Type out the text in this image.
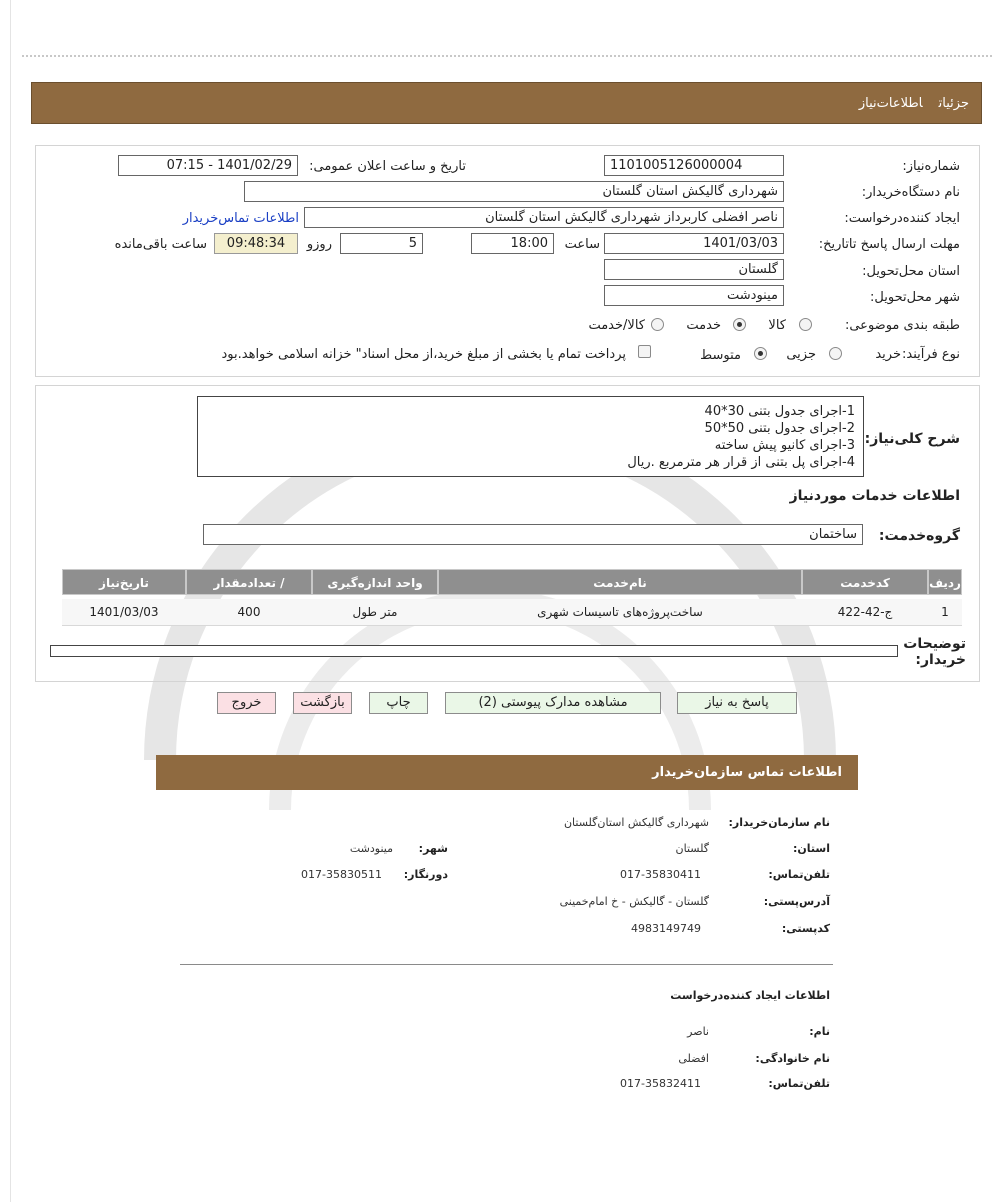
جزئیاتاطلاعات‌نیاز
شماره‌نیاز:
1101005126000004
تاریخ و ساعت اعلان عمومی:
1401/02/29 - 07:15
نام دستگاه‌خریدار:
شهرداری گالیکش استان گلستان
ایجاد کننده‌درخواست:
ناصر افضلی کاربرداز شهرداری گالیکش استان گلستان
اطلاعات تماس‌خریدار
مهلت ارسال پاسخ تا‌تاریخ:
1401/03/03
ساعت
18:00
5
روزو
09:48:34
ساعت باقی‌مانده
استان محل‌تحویل:
گلستان
شهر محل‌تحویل:
مینودشت
طبقه بندی موضوعی:
کالا
خدمت
کالا/خدمت
نوع فرآیند:
خرید
جزیی
متوسط
پرداخت تمام یا بخشی از مبلغ خرید،از محل اسناد" خزانه اسلامی خواهد.بود
شرح کلی‌نیاز:
1-اجرای جدول بتنی 30*40
2-اجرای جدول بتنی 50*50
3-اجرای کانیو پیش ساخته
4-اجرای پل بتنی از قرار هر مترمربع .ریال
اطلاعات خدمات موردنیاز
گروه‌خدمت:
ساختمان
ردیف
کدخدمت
نام‌خدمت
واحد اندازه‌گیری
تعداد‌مقدار /
تاریخ‌نیاز
1
ج-42-422
ساخت‌پروژه‌های تاسیسات شهری
متر طول
400
1401/03/03
توضیحات خریدار:
پاسخ به نیاز
مشاهده مدارک پیوستی (2)
چاپ
بازگشت
خروج
اطلاعات تماس سازمان‌خریدار
نام سازمان‌خریدار:
شهرداری گالیکش استان‌گلستان
استان:
گلستان
شهر:
مینودشت
تلفن‌تماس:
017-35830411
دورنگار:
017-35830511
آدرس‌پستی:
گلستان - گالیکش - خ امام‌خمینی
کد‌پستی:
4983149749
اطلاعات ایجاد کننده‌درخواست
نام:
ناصر
نام خانوادگی:
افضلی
تلفن‌تماس:
017-35832411
